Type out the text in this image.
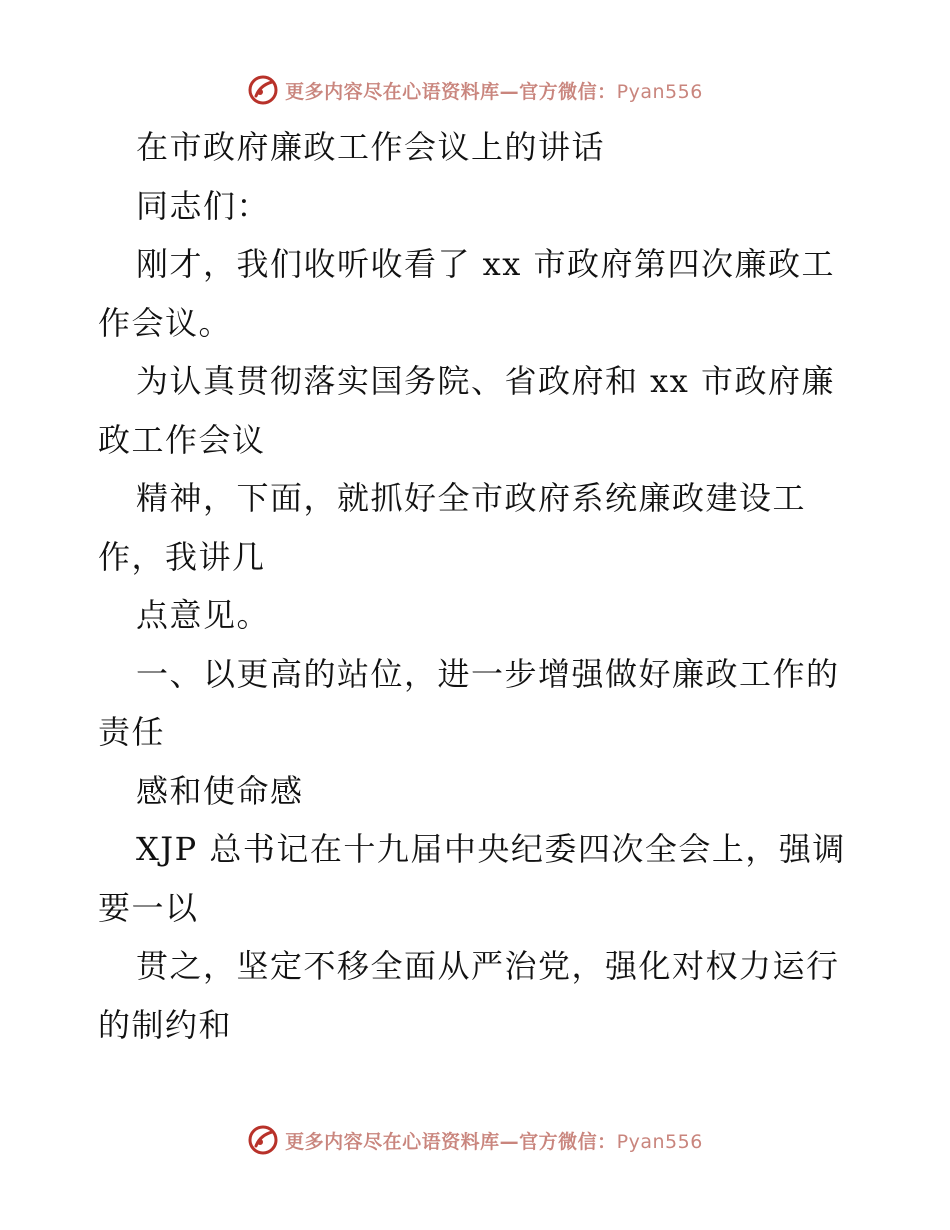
更多内容尽在心语资料库—官方微信：Pyan556
在市政府廉政工作会议上的讲话
同志们：
刚才，我们收听收看了 xx 市政府第四次廉政工
作会议。
为认真贯彻落实国务院、省政府和 xx 市政府廉
政工作会议
精神，下面，就抓好全市政府系统廉政建设工
作，我讲几
点意见。
一、以更高的站位，进一步增强做好廉政工作的
责任
感和使命感
XJP 总书记在十九届中央纪委四次全会上，强调
要一以
贯之，坚定不移全面从严治党，强化对权力运行
的制约和
更多内容尽在心语资料库—官方微信：Pyan556
